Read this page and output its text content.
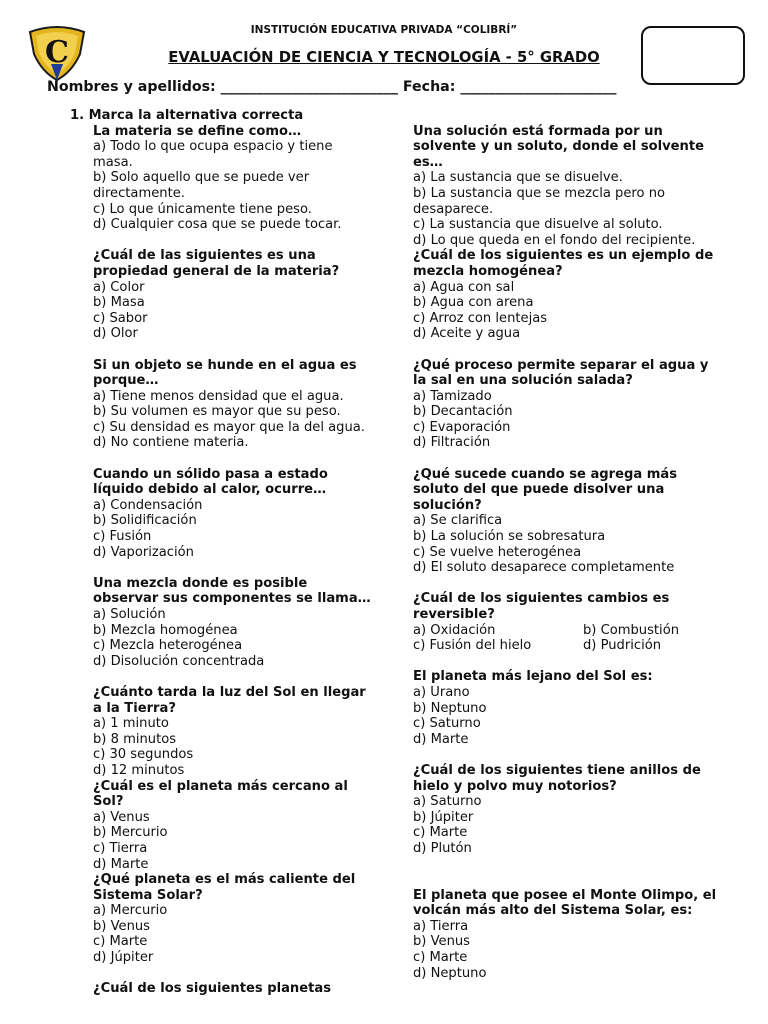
C
INSTITUCIÓN EDUCATIVA PRIVADA “COLIBRÍ”
EVALUACIÓN DE CIENCIA Y TECNOLOGÍA - 5° GRADO
Nombres y apellidos: _________________________ Fecha: ______________________
1. Marca la alternativa correcta
La materia se define como…
a) Todo lo que ocupa espacio y tiene
masa.
b) Solo aquello que se puede ver
directamente.
c) Lo que únicamente tiene peso.
d) Cualquier cosa que se puede tocar.
¿Cuál de las siguientes es una
propiedad general de la materia?
a) Color
b) Masa
c) Sabor
d) Olor
Si un objeto se hunde en el agua es
porque…
a) Tiene menos densidad que el agua.
b) Su volumen es mayor que su peso.
c) Su densidad es mayor que la del agua.
d) No contiene materia.
Cuando un sólido pasa a estado
líquido debido al calor, ocurre…
a) Condensación
b) Solidificación
c) Fusión
d) Vaporización
Una mezcla donde es posible
observar sus componentes se llama…
a) Solución
b) Mezcla homogénea
c) Mezcla heterogénea
d) Disolución concentrada
¿Cuánto tarda la luz del Sol en llegar
a la Tierra?
a) 1 minuto
b) 8 minutos
c) 30 segundos
d) 12 minutos
¿Cuál es el planeta más cercano al
Sol?
a) Venus
b) Mercurio
c) Tierra
d) Marte
¿Qué planeta es el más caliente del
Sistema Solar?
a) Mercurio
b) Venus
c) Marte
d) Júpiter
¿Cuál de los siguientes planetas
Una solución está formada por un
solvente y un soluto, donde el solvente
es…
a) La sustancia que se disuelve.
b) La sustancia que se mezcla pero no
desaparece.
c) La sustancia que disuelve al soluto.
d) Lo que queda en el fondo del recipiente.
¿Cuál de los siguientes es un ejemplo de
mezcla homogénea?
a) Agua con sal
b) Agua con arena
c) Arroz con lentejas
d) Aceite y agua
¿Qué proceso permite separar el agua y
la sal en una solución salada?
a) Tamizado
b) Decantación
c) Evaporación
d) Filtración
¿Qué sucede cuando se agrega más
soluto del que puede disolver una
solución?
a) Se clarifica
b) La solución se sobresatura
c) Se vuelve heterogénea
d) El soluto desaparece completamente
¿Cuál de los siguientes cambios es
reversible?
a) Oxidación	b) Combustión
c) Fusión del hielo	d) Pudrición
El planeta más lejano del Sol es:
a) Urano
b) Neptuno
c) Saturno
d) Marte
¿Cuál de los siguientes tiene anillos de
hielo y polvo muy notorios?
a) Saturno
b) Júpiter
c) Marte
d) Plutón
El planeta que posee el Monte Olimpo, el
volcán más alto del Sistema Solar, es:
a) Tierra
b) Venus
c) Marte
d) Neptuno
